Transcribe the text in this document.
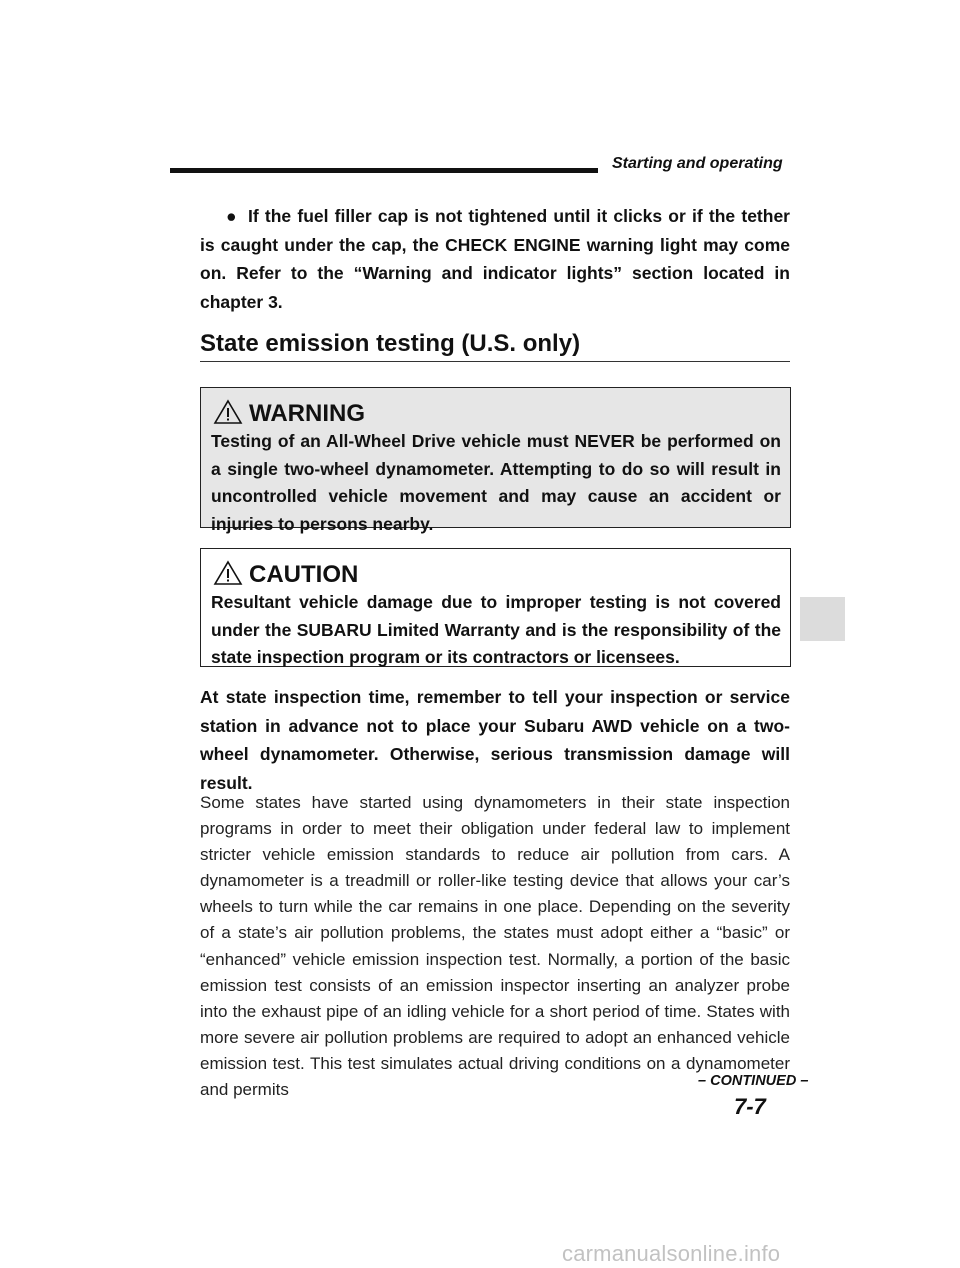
Starting and operating
● If the fuel filler cap is not tightened until it clicks or if the tether
is caught under the cap, the CHECK ENGINE warning light may come on. Refer to the “Warning and indicator lights” section located in chapter 3.
State emission testing (U.S. only)
WARNING
Testing of an All-Wheel Drive vehicle must NEVER be performed on a single two-wheel dynamometer. Attempting to do so will result in uncontrolled vehicle movement and may cause an accident or injuries to persons nearby.
CAUTION
Resultant vehicle damage due to improper testing is not covered under the SUBARU Limited Warranty and is the responsibility of the state inspection program or its contractors or licensees.
At state inspection time, remember to tell your inspection or service station in advance not to place your Subaru AWD vehicle on a two-wheel dynamometer. Otherwise, serious transmission damage will result.
Some states have started using dynamometers in their state inspection programs in order to meet their obligation under federal law to implement stricter vehicle emission standards to reduce air pollution from cars. A dynamometer is a treadmill or roller-like testing device that allows your car’s wheels to turn while the car remains in one place. Depending on the severity of a state’s air pollution problems, the states must adopt either a “basic” or “enhanced” vehicle emission inspection test. Normally, a portion of the basic emission test consists of an emission inspector inserting an analyzer probe into the exhaust pipe of an idling vehicle for a short period of time. States with more severe air pollution problems are required to adopt an enhanced vehicle emission test. This test simulates actual driving conditions on a dynamometer and permits	– CONTINUED –
7-7
carmanualsonline.info
